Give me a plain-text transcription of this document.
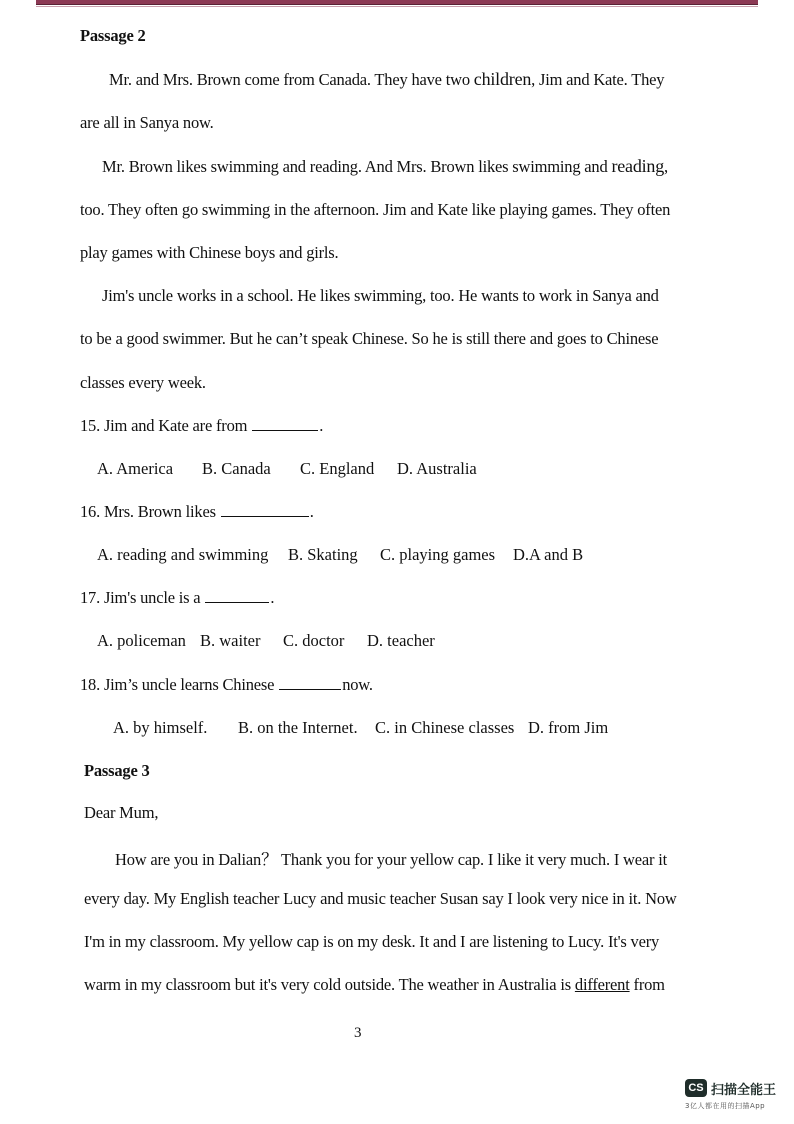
Passage 2
Mr. and Mrs. Brown come from Canada. They have two children, Jim and Kate. They
are all in Sanya now.
Mr. Brown likes swimming and reading. And Mrs. Brown likes swimming and reading,
too. They often go swimming in the afternoon. Jim and Kate like playing games. They often
play games with Chinese boys and girls.
Jim's uncle works in a school. He likes swimming, too. He wants to work in Sanya and
to be a good swimmer. But he can’t speak Chinese. So he is still there and goes to Chinese
classes every week.
15. Jim and Kate are from	.
A. America B. Canada C. England D. Australia
16. Mrs. Brown likes	.
A. reading and swimming B. Skating C. playing games D.A and B
17. Jim's uncle is a	.
A. policeman B. waiter C. doctor D. teacher
18. Jim’s uncle learns Chinese	now.
A. by himself. B. on the Internet. C. in Chinese classes D. from Jim
Passage 3
Dear Mum,
How are you in Dalian？ Thank you for your yellow cap. I like it very much. I wear it
every day. My English teacher Lucy and music teacher Susan say I look very nice in it. Now
I'm in my classroom. My yellow cap is on my desk. It and I are listening to Lucy. It's very
warm in my classroom but it's very cold outside. The weather in Australia is different from
3
CS 扫描全能王
3亿人都在用的扫描App
